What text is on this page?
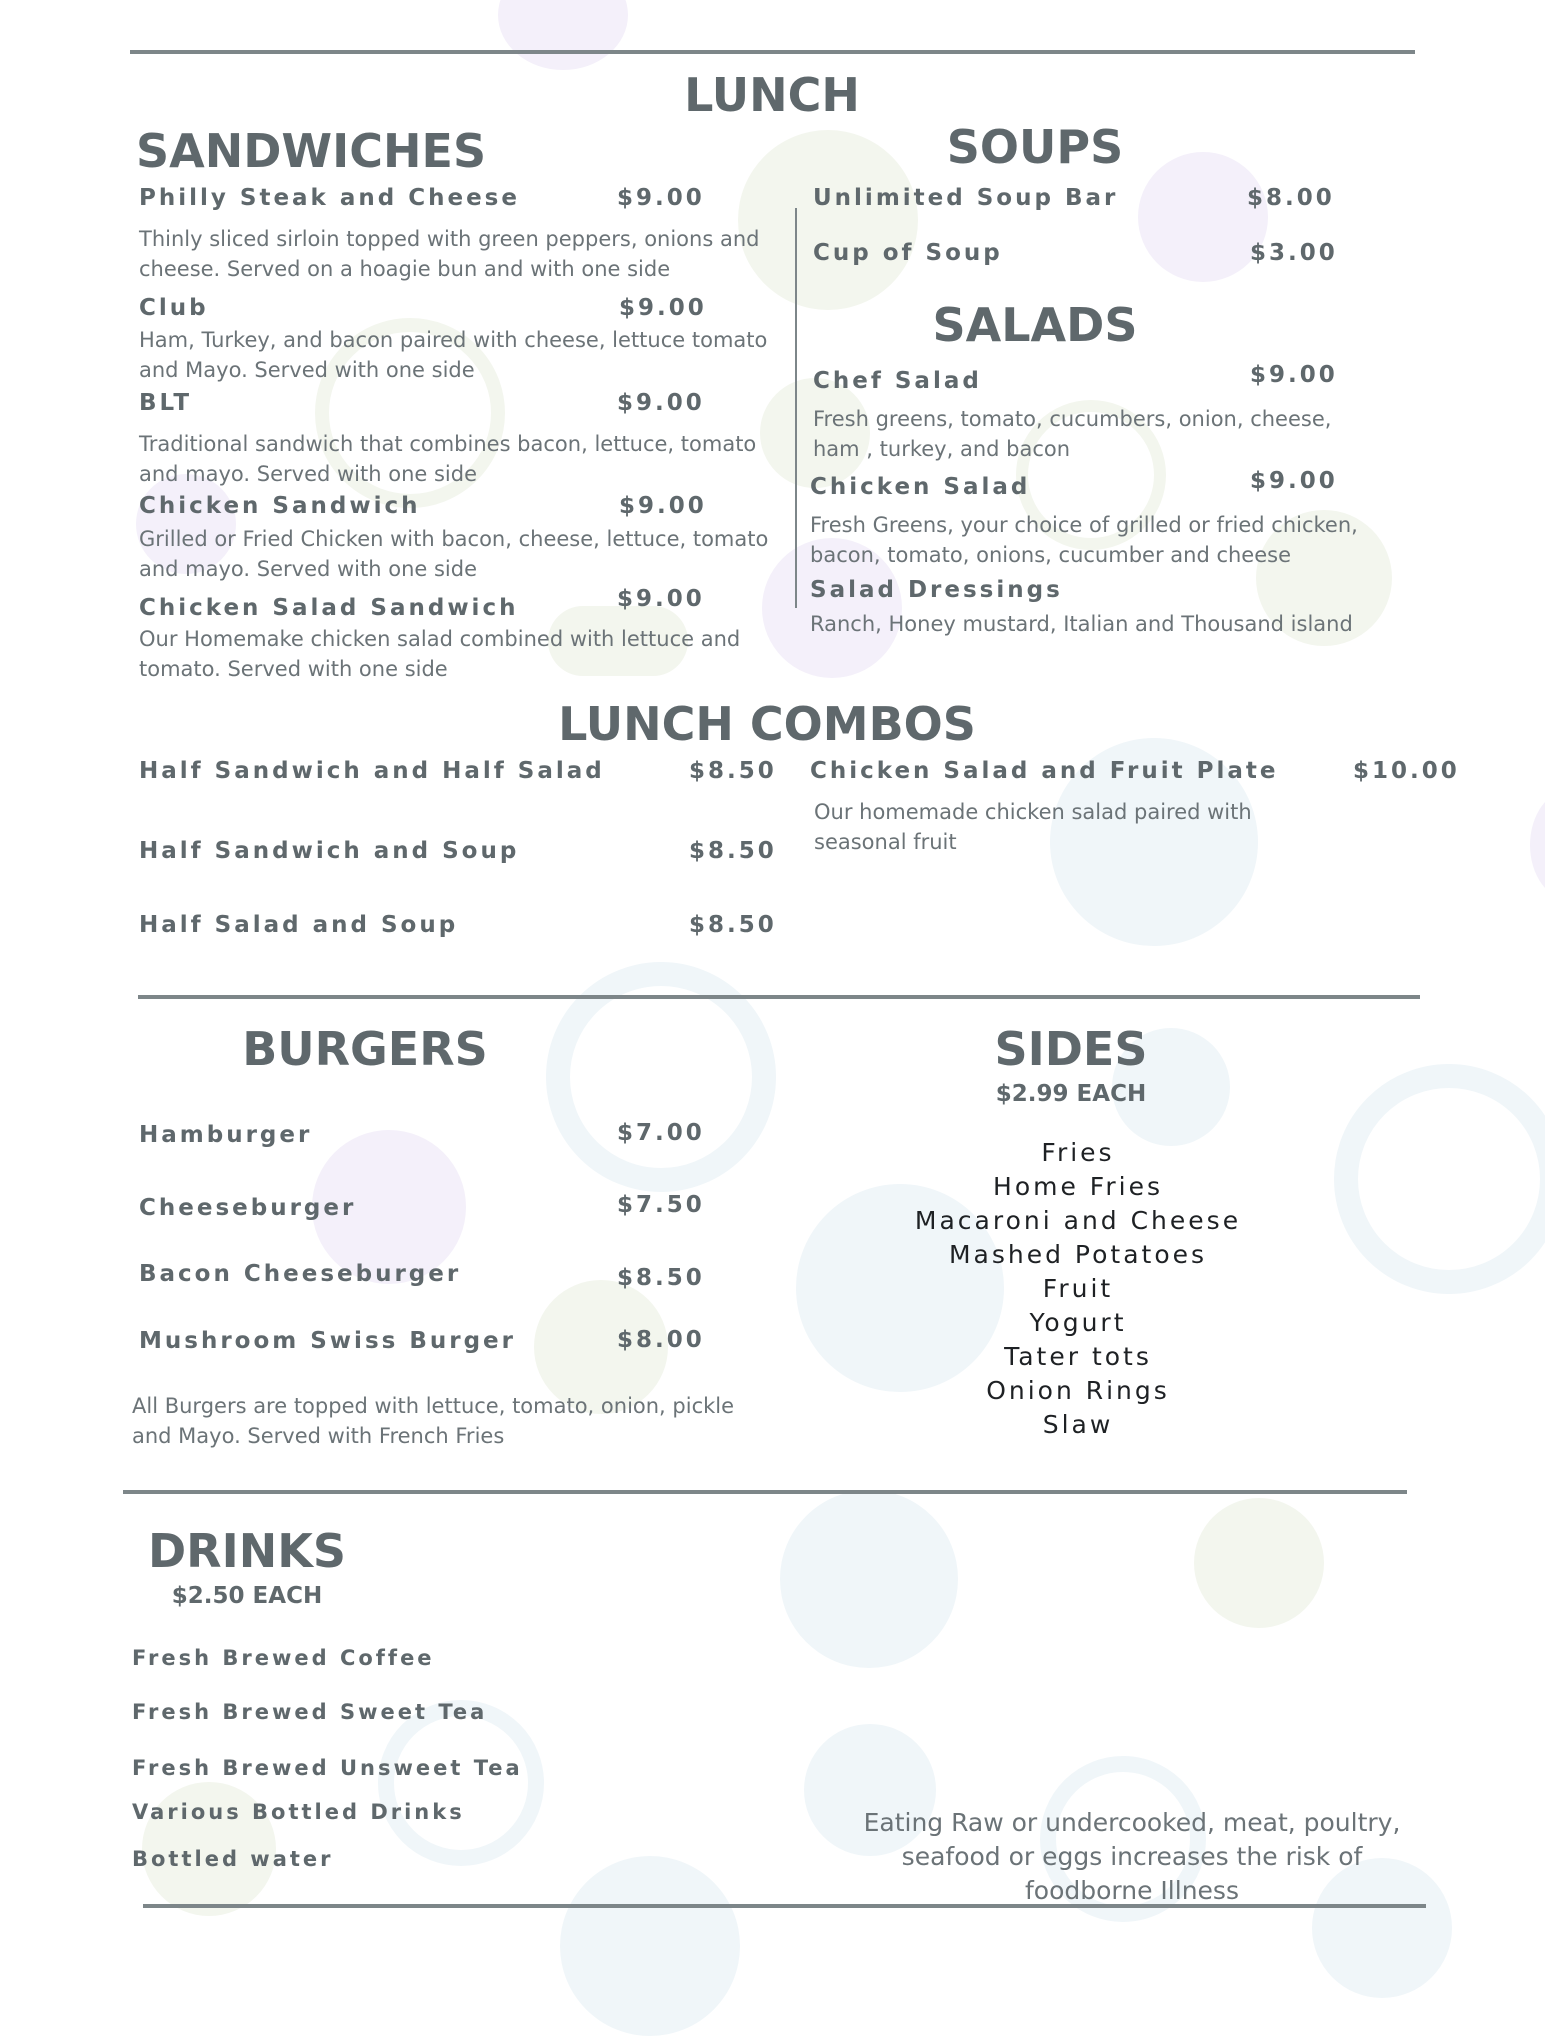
LUNCH
SANDWICHES
Philly Steak and Cheese	$9.00
Thinly sliced sirloin topped with green peppers, onions and cheese. Served on a hoagie bun and with one side
Club	$9.00
Ham, Turkey, and bacon paired with cheese, lettuce tomato and Mayo. Served with one side
BLT	$9.00
Traditional sandwich that combines bacon, lettuce, tomato and mayo. Served with one side
Chicken Sandwich	$9.00
Grilled or Fried Chicken with bacon, cheese, lettuce, tomato and mayo. Served with one side
Chicken Salad Sandwich	$9.00
Our Homemake chicken salad combined with lettuce and tomato. Served with one side
SOUPS
Unlimited Soup Bar	$8.00
Cup of Soup	$3.00
SALADS
Chef Salad	$9.00
Fresh greens, tomato, cucumbers, onion, cheese, ham , turkey, and bacon
Chicken Salad	$9.00
Fresh Greens, your choice of grilled or fried chicken, bacon, tomato, onions, cucumber and cheese
Salad Dressings
Ranch, Honey mustard, Italian and Thousand island
LUNCH COMBOS
Half Sandwich and Half Salad	$8.50
Half Sandwich and Soup	$8.50
Half Salad and Soup	$8.50
Chicken Salad and Fruit Plate	$10.00
Our homemade chicken salad paired with seasonal fruit
BURGERS
Hamburger	$7.00
Cheeseburger	$7.50
Bacon Cheeseburger	$8.50
Mushroom Swiss Burger	$8.00
All Burgers are topped with lettuce, tomato, onion, pickle and Mayo. Served with French Fries
SIDES
$2.99 EACH
Fries
Home Fries
Macaroni and Cheese
Mashed Potatoes
Fruit
Yogurt
Tater tots
Onion Rings
Slaw
DRINKS
$2.50 EACH
Fresh Brewed Coffee
Fresh Brewed Sweet Tea
Fresh Brewed Unsweet Tea
Various Bottled Drinks
Bottled water
Eating Raw or undercooked, meat, poultry, seafood or eggs increases the risk of foodborne Illness
